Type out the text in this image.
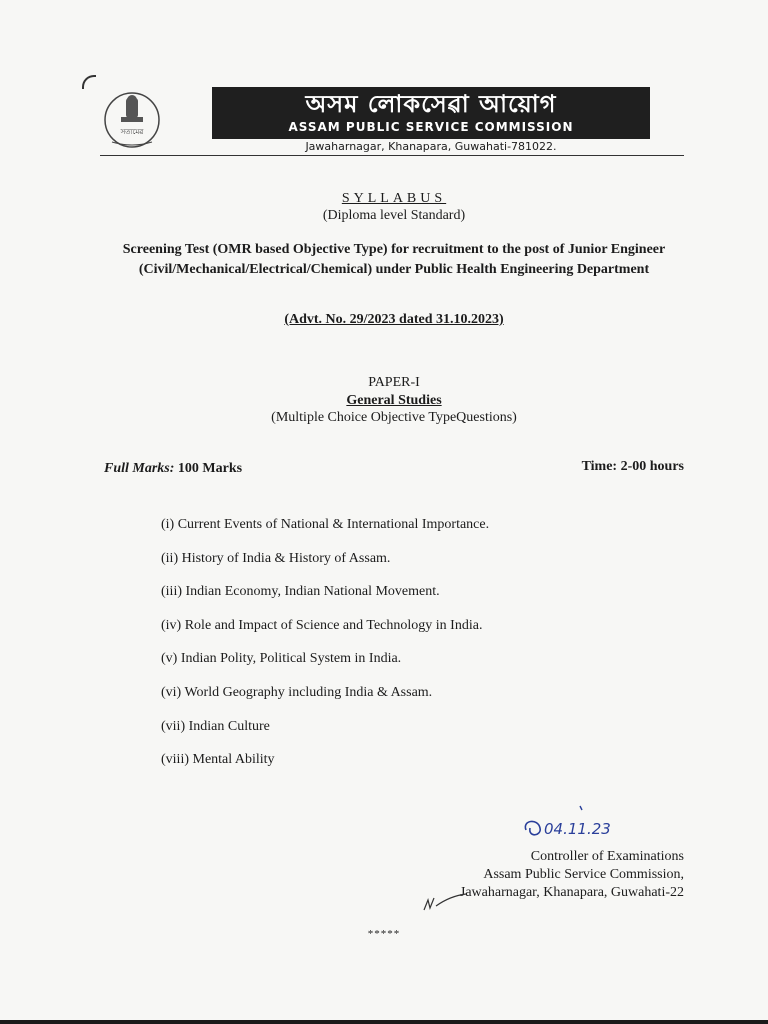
সত্যমেৱ
অসম লোকসেৱা আয়োগ
ASSAM PUBLIC SERVICE COMMISSION
Jawaharnagar, Khanapara, Guwahati-781022.
SYLLABUS
(Diploma level Standard)
Screening Test (OMR based Objective Type) for recruitment to the post of Junior Engineer (Civil/Mechanical/Electrical/Chemical) under Public Health Engineering Department
(Advt. No. 29/2023 dated 31.10.2023)
PAPER-I
General Studies
(Multiple Choice Objective TypeQuestions)
Full Marks: 100 Marks	Time: 2-00 hours
(i) Current Events of National & International Importance.
(ii) History of India & History of Assam.
(iii) Indian Economy, Indian National Movement.
(iv) Role and Impact of Science and Technology in India.
(v) Indian Polity, Political System in India.
(vi) World Geography including India & Assam.
(vii) Indian Culture
(viii) Mental Ability
04.11.23
Controller of Examinations
Assam Public Service Commission,
Jawaharnagar, Khanapara, Guwahati-22
*****
